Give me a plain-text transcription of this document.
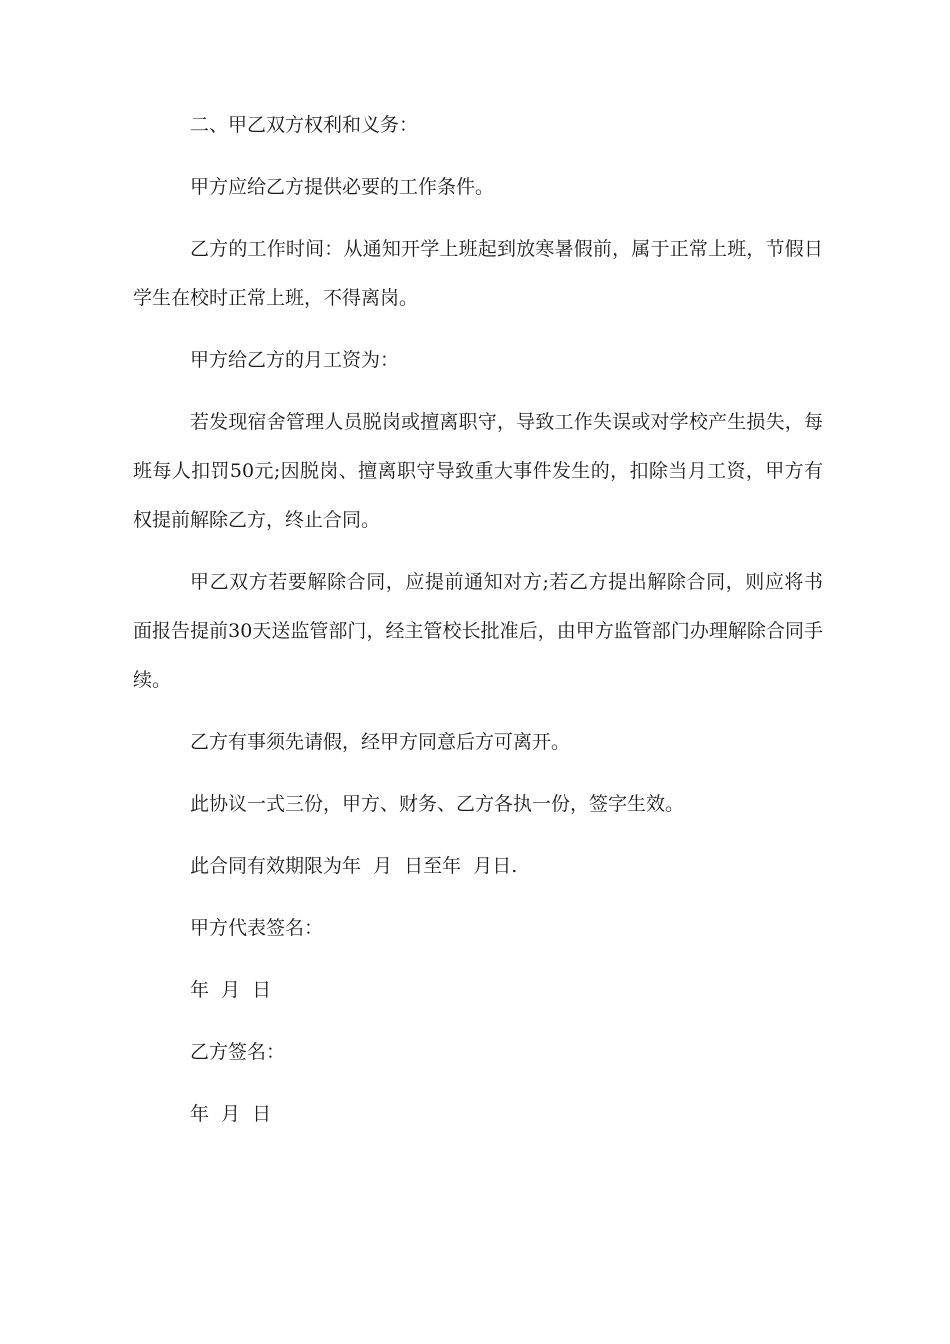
二、甲乙双方权利和义务：

甲方应给乙方提供必要的工作条件。

乙方的工作时间：从通知开学上班起到放寒暑假前，属于正常上班，节假日学生在校时正常上班，不得离岗。

甲方给乙方的月工资为：

若发现宿舍管理人员脱岗或擅离职守，导致工作失误或对学校产生损失，每班每人扣罚50元;因脱岗、擅离职守导致重大事件发生的，扣除当月工资，甲方有权提前解除乙方，终止合同。

甲乙双方若要解除合同，应提前通知对方;若乙方提出解除合同，则应将书面报告提前30天送监管部门，经主管校长批准后，由甲方监管部门办理解除合同手续。

乙方有事须先请假，经甲方同意后方可离开。

此协议一式三份，甲方、财务、乙方各执一份，签字生效。

此合同有效期限为年  月  日至年  月日.

甲方代表签名：

年  月  日

乙方签名：

年  月  日
